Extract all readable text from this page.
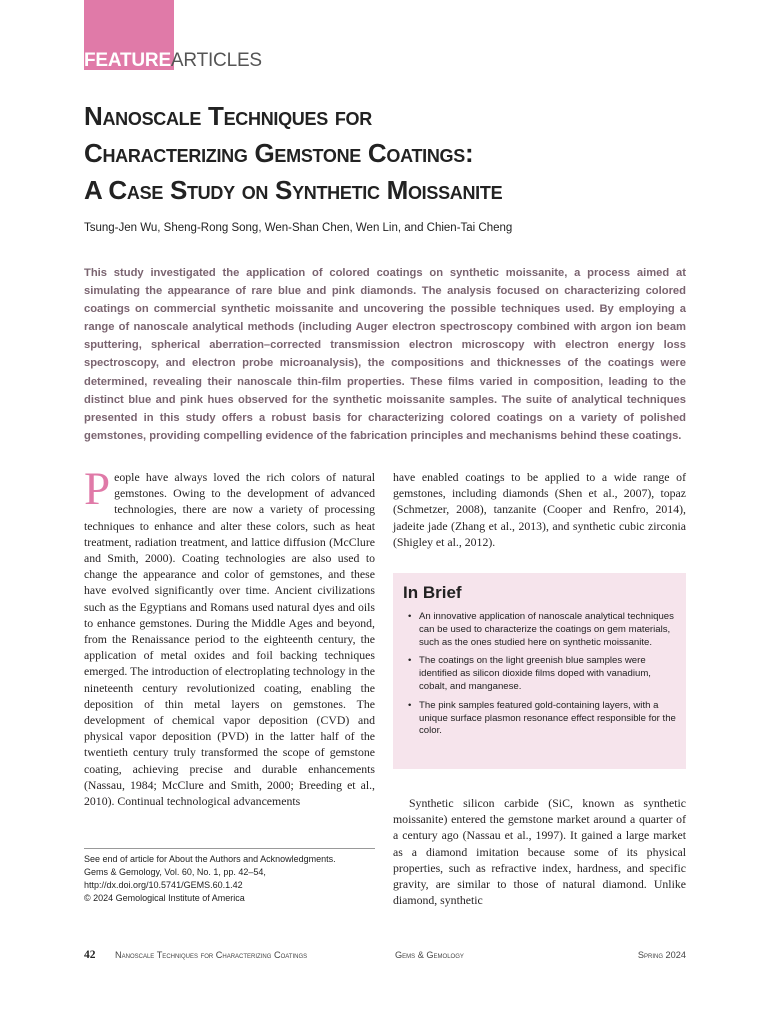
FEATUREARTICLES
Nanoscale Techniques for
Characterizing Gemstone Coatings:
A Case Study on Synthetic Moissanite
Tsung-Jen Wu, Sheng-Rong Song, Wen-Shan Chen, Wen Lin, and Chien-Tai Cheng

This study investigated the application of colored coatings on synthetic moissanite, a process aimed at simulating the appearance of rare blue and pink diamonds. The analysis focused on characterizing colored coatings on commercial synthetic moissanite and uncovering the possible techniques used. By employing a range of nanoscale analytical methods (including Auger electron spectroscopy combined with argon ion beam sputtering, spherical aberration–corrected transmission electron microscopy with electron energy loss spectroscopy, and electron probe microanalysis), the compositions and thicknesses of the coatings were determined, revealing their nanoscale thin-film properties. These films varied in composition, leading to the distinct blue and pink hues observed for the synthetic moissanite samples. The suite of analytical techniques presented in this study offers a robust basis for characterizing colored coatings on a variety of polished gemstones, providing compelling evidence of the fabrication principles and mechanisms behind these coatings.

P eople have always loved the rich colors of natural gemstones. Owing to the development of advanced technologies, there are now a variety of processing techniques to enhance and alter these colors, such as heat treatment, radiation treatment, and lattice diffusion (McClure and Smith, 2000). Coating technologies are also used to change the appearance and color of gemstones, and these have evolved significantly over time. Ancient civilizations such as the Egyptians and Romans used natural dyes and oils to enhance gemstones. During the Middle Ages and beyond, from the Renaissance period to the eighteenth century, the application of metal oxides and foil backing techniques emerged. The introduction of electroplating technology in the nineteenth century revolutionized coating, enabling the deposition of thin metal layers on gemstones. The development of chemical vapor deposition (CVD) and physical vapor deposition (PVD) in the latter half of the twentieth century truly transformed the scope of gemstone coating, achieving precise and durable enhancements (Nassau, 1984; McClure and Smith, 2000; Breeding et al., 2010). Continual technological advancements
have enabled coatings to be applied to a wide range of gemstones, including diamonds (Shen et al., 2007), topaz (Schmetzer, 2008), tanzanite (Cooper and Renfro, 2014), jadeite jade (Zhang et al., 2013), and synthetic cubic zirconia (Shigley et al., 2012).
In Brief
• An innovative application of nanoscale analytical techniques can be used to characterize the coatings on gem materials, such as the ones studied here on synthetic moissanite.
• The coatings on the light greenish blue samples were identified as silicon dioxide films doped with vanadium, cobalt, and manganese.
• The pink samples featured gold-containing layers, with a unique surface plasmon resonance effect responsible for the color.
Synthetic silicon carbide (SiC, known as synthetic moissanite) entered the gemstone market around a quarter of a century ago (Nassau et al., 1997). It gained a large market as a diamond imitation because some of its physical properties, such as refractive index, hardness, and specific gravity, are similar to those of natural diamond. Unlike diamond, synthetic
See end of article for About the Authors and Acknowledgments.
Gems & Gemology, Vol. 60, No. 1, pp. 42–54,
http://dx.doi.org/10.5741/GEMS.60.1.42
© 2024 Gemological Institute of America
42 Nanoscale Techniques for Characterizing Coatings	Gems & Gemology	Spring 2024
